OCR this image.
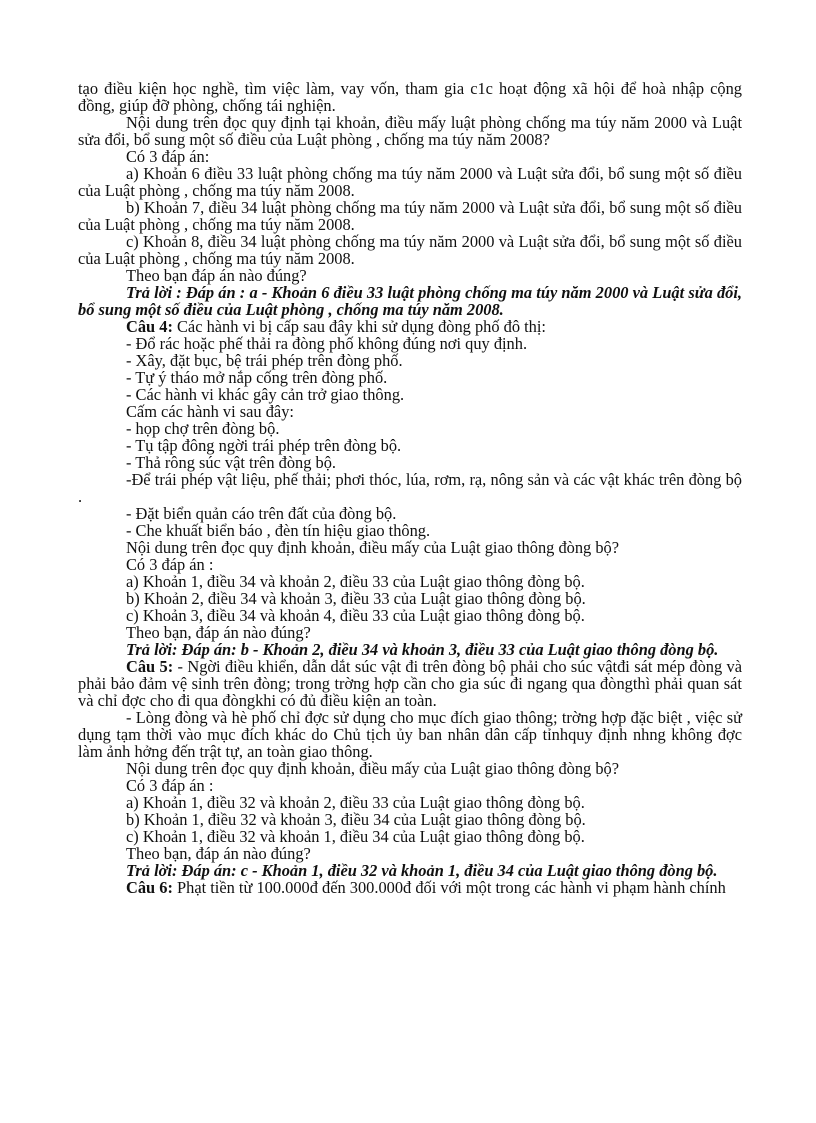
tạo điều kiện học nghề, tìm việc làm, vay vốn, tham gia c1c hoạt động xã hội để hoà nhập cộng đồng, giúp đỡ phòng, chống tái nghiện.

Nội dung trên đọc quy định tại khoản, điều mấy luật phòng chống ma túy năm 2000 và Luật sửa đổi, bổ sung một số điều của Luật phòng , chống ma túy năm 2008?

Có 3 đáp án:

a) Khoản 6 điều 33 luật phòng chống ma túy năm 2000 và Luật sửa đổi, bổ sung một số điều của Luật phòng , chống ma túy năm 2008.

b) Khoản 7, điều 34 luật phòng chống ma túy năm 2000 và Luật sửa đổi, bổ sung một số điều của Luật phòng , chống ma túy năm 2008.

c) Khoản 8, điều 34 luật phòng chống ma túy năm 2000 và Luật sửa đổi, bổ sung một số điều của Luật phòng , chống ma túy năm 2008.

Theo bạn đáp án nào đúng?

Trả lời : Đáp án : a - Khoản 6 điều 33 luật phòng chống ma túy năm 2000 và Luật sửa đổi, bổ sung một số điều của Luật phòng , chống ma túy năm 2008.

Câu 4: Các hành vi bị cấp sau đây khi sử dụng đòng phố đô thị:

- Đổ rác hoặc phế thải ra đòng phố không đúng nơi quy định.

- Xây, đặt bục, bệ trái phép trên đòng phố.

- Tự ý tháo mở nắp cống trên đòng phố.

- Các hành vi khác gây cản trở giao thông.

Cấm các hành vi sau đây:

- họp chợ trên đòng bộ.

- Tụ tập đông ngời trái phép trên đòng bộ.

- Thả rông súc vật trên đòng bộ.

-Để trái phép vật liệu, phế thải; phơi thóc, lúa, rơm, rạ, nông sản và các vật khác trên đòng bộ .

- Đặt biển quản cáo trên đất của đòng bộ.

- Che khuất biển báo , đèn tín hiệu giao thông.

Nội dung trên đọc quy định khoản, điều mấy của Luật giao thông đòng bộ?

Có 3 đáp án :

a) Khoản 1, điều 34 và khoản 2, điều 33 của Luật giao thông đòng bộ.

b) Khoản 2, điều 34 và khoản 3, điều 33 của Luật giao thông đòng bộ.

c) Khoản 3, điều 34 và khoản 4, điều 33 của Luật giao thông đòng bộ.

Theo bạn, đáp án nào đúng?

Trả lời: Đáp án: b - Khoản 2, điều 34 và khoản 3, điều 33 của Luật giao thông đòng bộ.

Câu 5: - Ngời điều khiển, dẫn dắt súc vật đi trên đòng bộ phải cho súc vậtđi sát mép đòng và phải bảo đảm vệ sinh trên đòng; trong trờng hợp cần cho gia súc đi ngang qua đòngthì phải quan sát và chỉ đợc cho đi qua đòngkhi có đủ điều kiện an toàn.

- Lòng đòng và hè phố chỉ đợc sử dụng cho mục đích giao thông; trờng hợp đặc biệt , việc sử dụng tạm thời vào mục đích khác do Chủ tịch ủy ban nhân dân cấp tỉnhquy định nhng không đợc làm ảnh hởng đến trật tự, an toàn giao thông.

Nội dung trên đọc quy định khoản, điều mấy của Luật giao thông đòng bộ?

Có 3 đáp án :

a) Khoản 1, điều 32 và khoản 2, điều 33 của Luật giao thông đòng bộ.

b) Khoản 1, điều 32 và khoản 3, điều 34 của Luật giao thông đòng bộ.

c) Khoản 1, điều 32 và khoản 1, điều 34 của Luật giao thông đòng bộ.

Theo bạn, đáp án nào đúng?

Trả lời: Đáp án: c - Khoản 1, điều 32 và khoản 1, điều 34 của Luật giao thông đòng bộ.

Câu 6: Phạt tiền từ 100.000đ đến 300.000đ đối với một trong các hành vi phạm hành chính
